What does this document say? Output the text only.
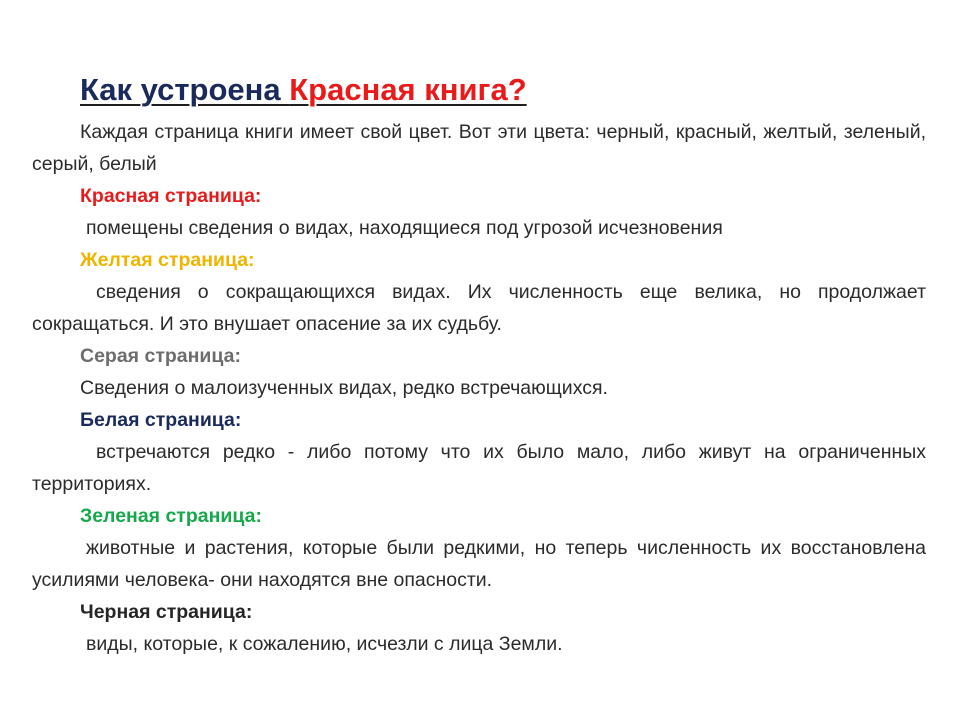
Как устроена Красная книга?

Каждая страница книги имеет свой цвет. Вот эти цвета: черный, красный, желтый, зеленый, серый, белый

Красная страница:

помещены сведения о видах, находящиеся под угрозой исчезновения

Желтая страница:

сведения о сокращающихся видах. Их численность еще велика, но продолжает сокращаться. И это внушает опасение за их судьбу.

Серая страница:

Сведения о малоизученных видах, редко встречающихся.

Белая страница:

встречаются редко - либо потому что их было мало, либо живут на ограниченных территориях.

Зеленая страница:

животные и растения, которые были редкими, но теперь численность их восстановлена усилиями человека- они находятся вне опасности.

Черная страница:

виды, которые, к сожалению, исчезли с лица Земли.
